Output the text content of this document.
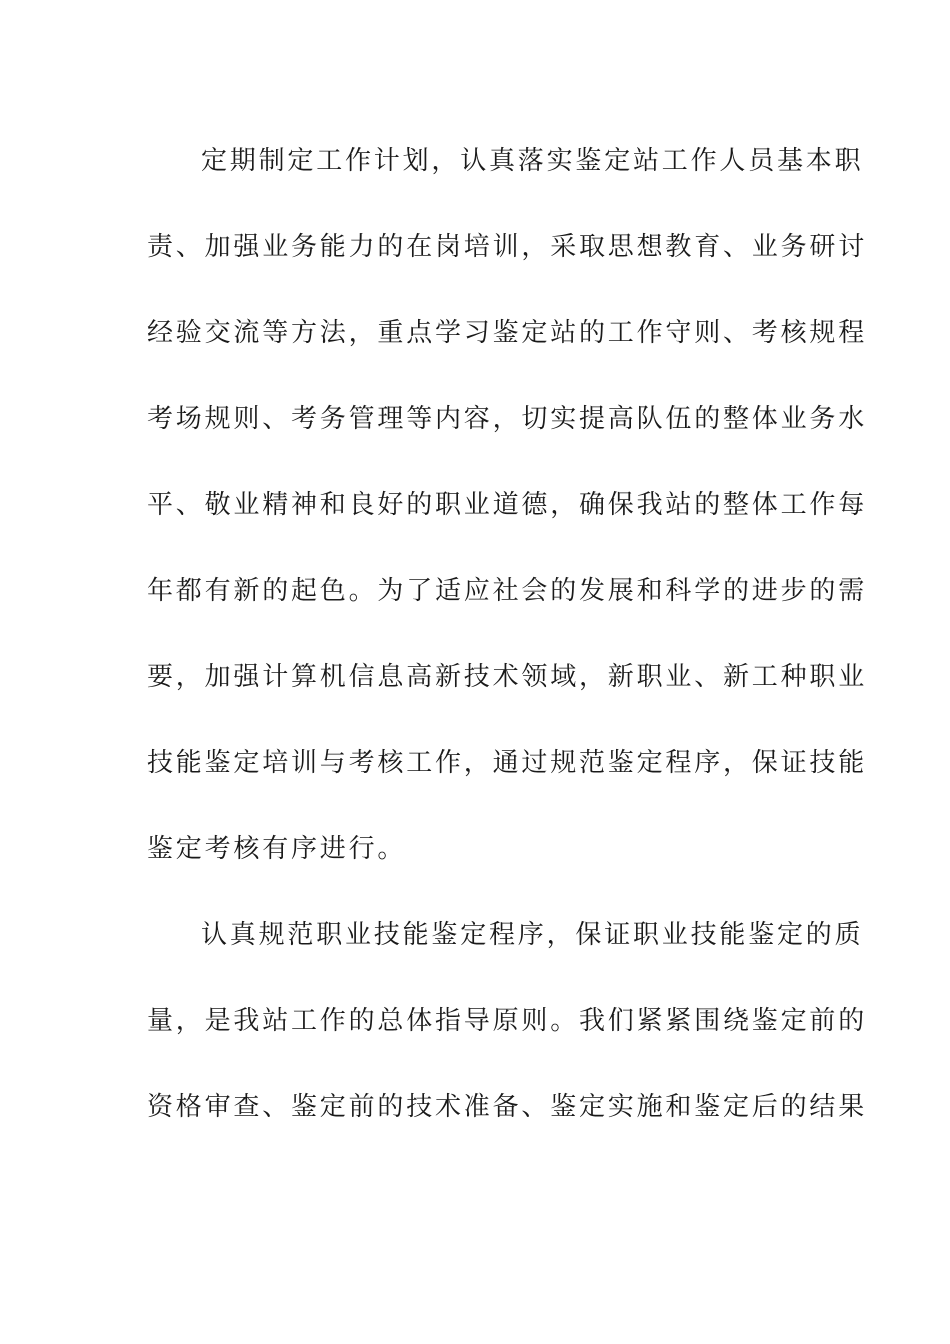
定期制定工作计划，认真落实鉴定站工作人员基本职
责、加强业务能力的在岗培训，采取思想教育、业务研讨
经验交流等方法，重点学习鉴定站的工作守则、考核规程
考场规则、考务管理等内容，切实提高队伍的整体业务水
平、敬业精神和良好的职业道德，确保我站的整体工作每
年都有新的起色。为了适应社会的发展和科学的进步的需
要，加强计算机信息高新技术领域，新职业、新工种职业
技能鉴定培训与考核工作，通过规范鉴定程序，保证技能
鉴定考核有序进行。
认真规范职业技能鉴定程序，保证职业技能鉴定的质
量，是我站工作的总体指导原则。我们紧紧围绕鉴定前的
资格审查、鉴定前的技术准备、鉴定实施和鉴定后的结果
